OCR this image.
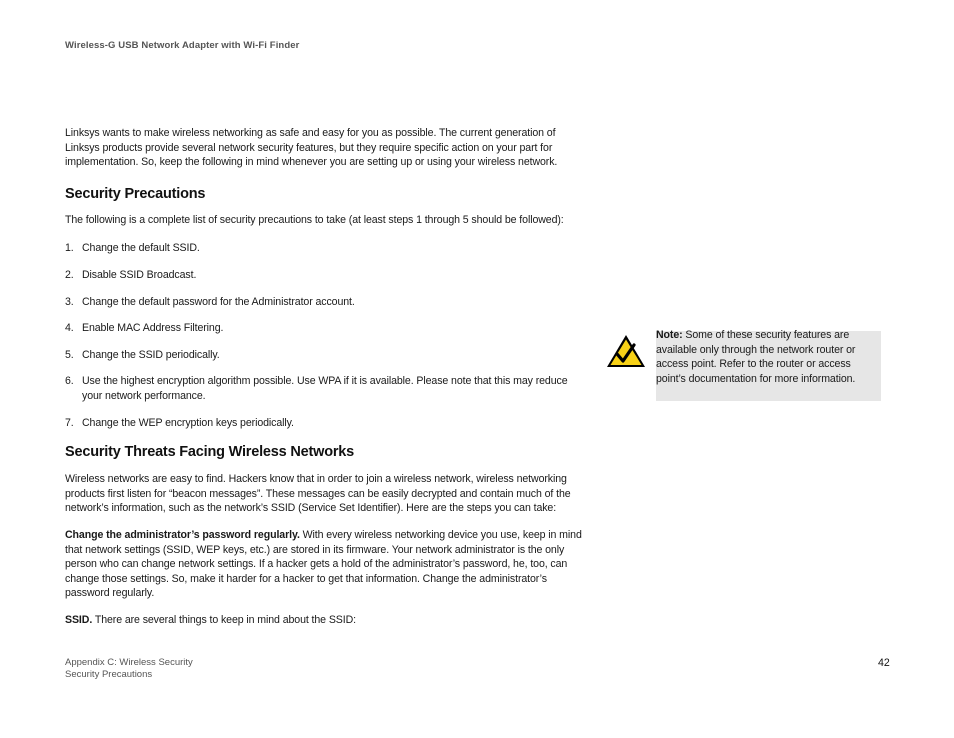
Wireless-G USB Network Adapter with Wi-Fi Finder

Linksys wants to make wireless networking as safe and easy for you as possible. The current generation of Linksys products provide several network security features, but they require specific action on your part for implementation. So, keep the following in mind whenever you are setting up or using your wireless network.

Security Precautions

The following is a complete list of security precautions to take (at least steps 1 through 5 should be followed):

1. Change the default SSID.
2. Disable SSID Broadcast.
3. Change the default password for the Administrator account.
4. Enable MAC Address Filtering.
5. Change the SSID periodically.
6. Use the highest encryption algorithm possible. Use WPA if it is available. Please note that this may reduce your network performance.
7. Change the WEP encryption keys periodically.
Security Threats Facing Wireless Networks

Wireless networks are easy to find. Hackers know that in order to join a wireless network, wireless networking products first listen for “beacon messages”. These messages can be easily decrypted and contain much of the network’s information, such as the network’s SSID (Service Set Identifier). Here are the steps you can take:

Change the administrator’s password regularly. With every wireless networking device you use, keep in mind that network settings (SSID, WEP keys, etc.) are stored in its firmware. Your network administrator is the only person who can change network settings. If a hacker gets a hold of the administrator’s password, he, too, can change those settings. So, make it harder for a hacker to get that information. Change the administrator’s password regularly.

SSID. There are several things to keep in mind about the SSID:

Note: Some of these security features are available only through the network router or access point. Refer to the router or access point’s documentation for more information.
Appendix C: Wireless Security
Security Precautions
42
